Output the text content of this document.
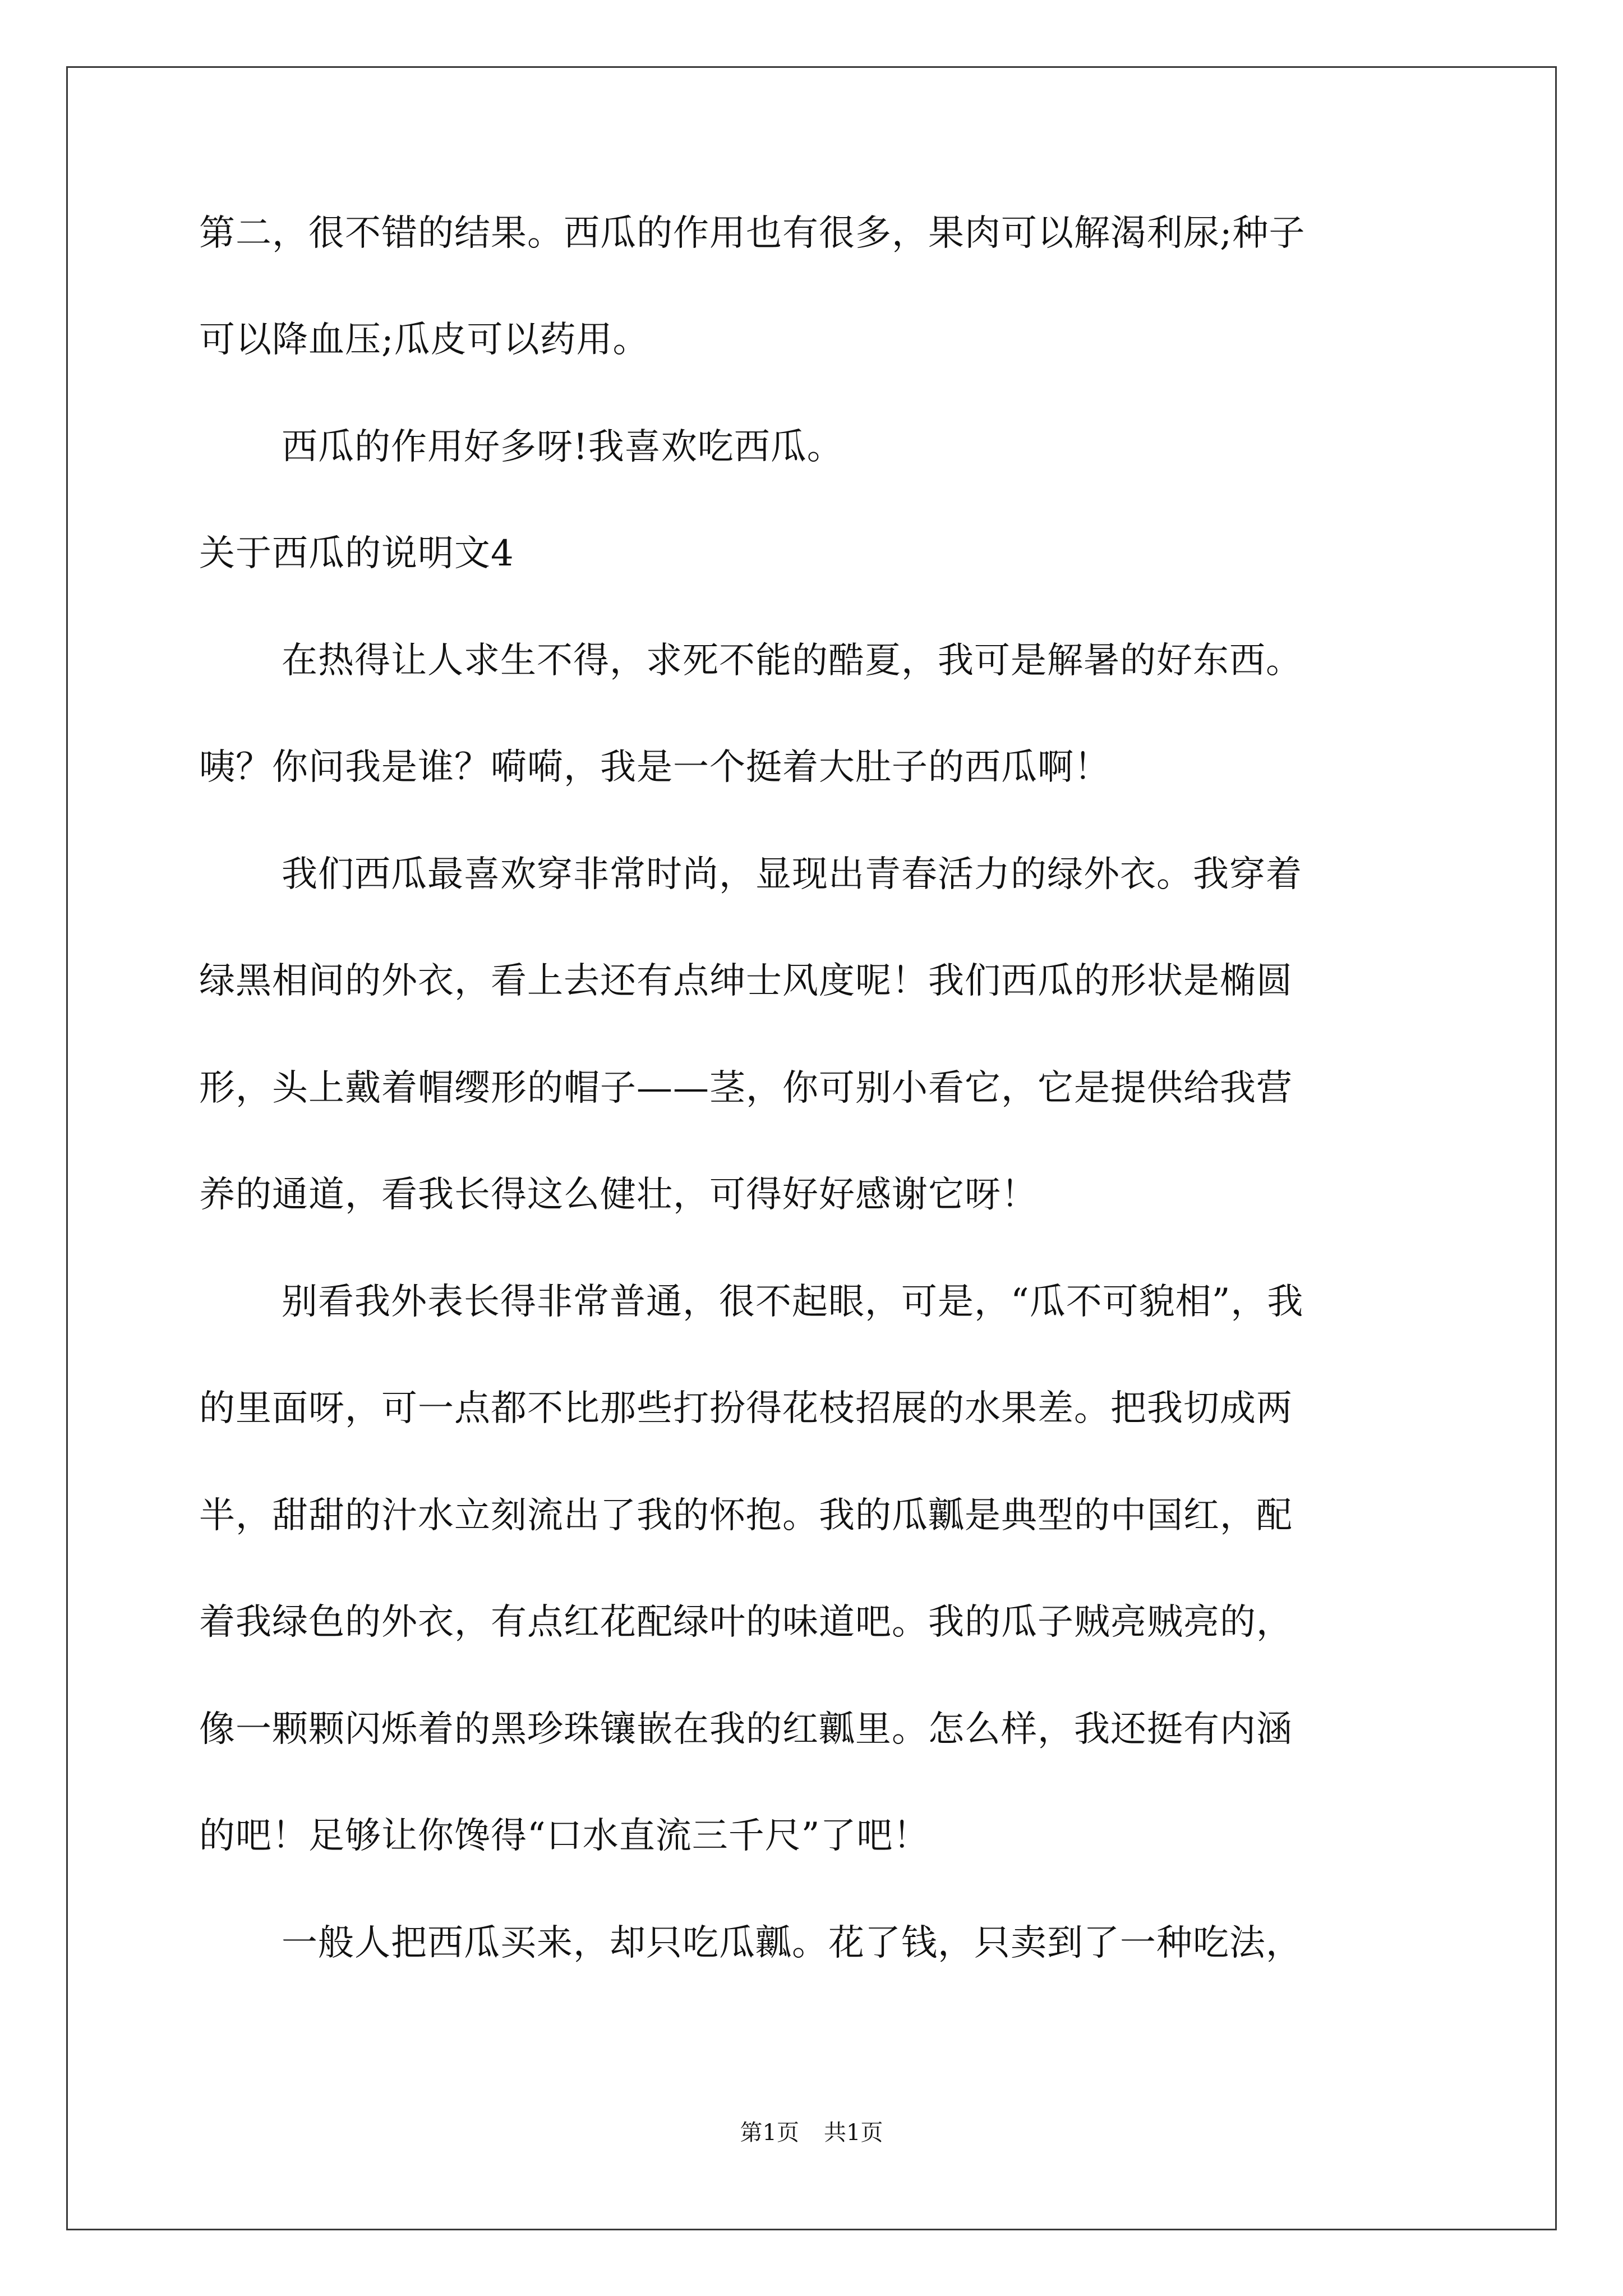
第二，很不错的结果。西瓜的作用也有很多，果肉可以解渴利尿;种子
可以降血压;瓜皮可以药用。
西瓜的作用好多呀!我喜欢吃西瓜。
关于西瓜的说明文4
在热得让人求生不得，求死不能的酷夏，我可是解暑的好东西。
咦？你问我是谁？嗬嗬，我是一个挺着大肚子的西瓜啊！
我们西瓜最喜欢穿非常时尚，显现出青春活力的绿外衣。我穿着
绿黑相间的外衣，看上去还有点绅士风度呢！我们西瓜的形状是椭圆
形，头上戴着帽缨形的帽子——茎，你可别小看它，它是提供给我营
养的通道，看我长得这么健壮，可得好好感谢它呀！
别看我外表长得非常普通，很不起眼，可是，“瓜不可貌相”，我
的里面呀，可一点都不比那些打扮得花枝招展的水果差。把我切成两
半，甜甜的汁水立刻流出了我的怀抱。我的瓜瓤是典型的中国红，配
着我绿色的外衣，有点红花配绿叶的味道吧。我的瓜子贼亮贼亮的，
像一颗颗闪烁着的黑珍珠镶嵌在我的红瓤里。怎么样，我还挺有内涵
的吧！足够让你馋得“口水直流三千尺”了吧！
一般人把西瓜买来，却只吃瓜瓤。花了钱，只卖到了一种吃法，
第1页 共1页
